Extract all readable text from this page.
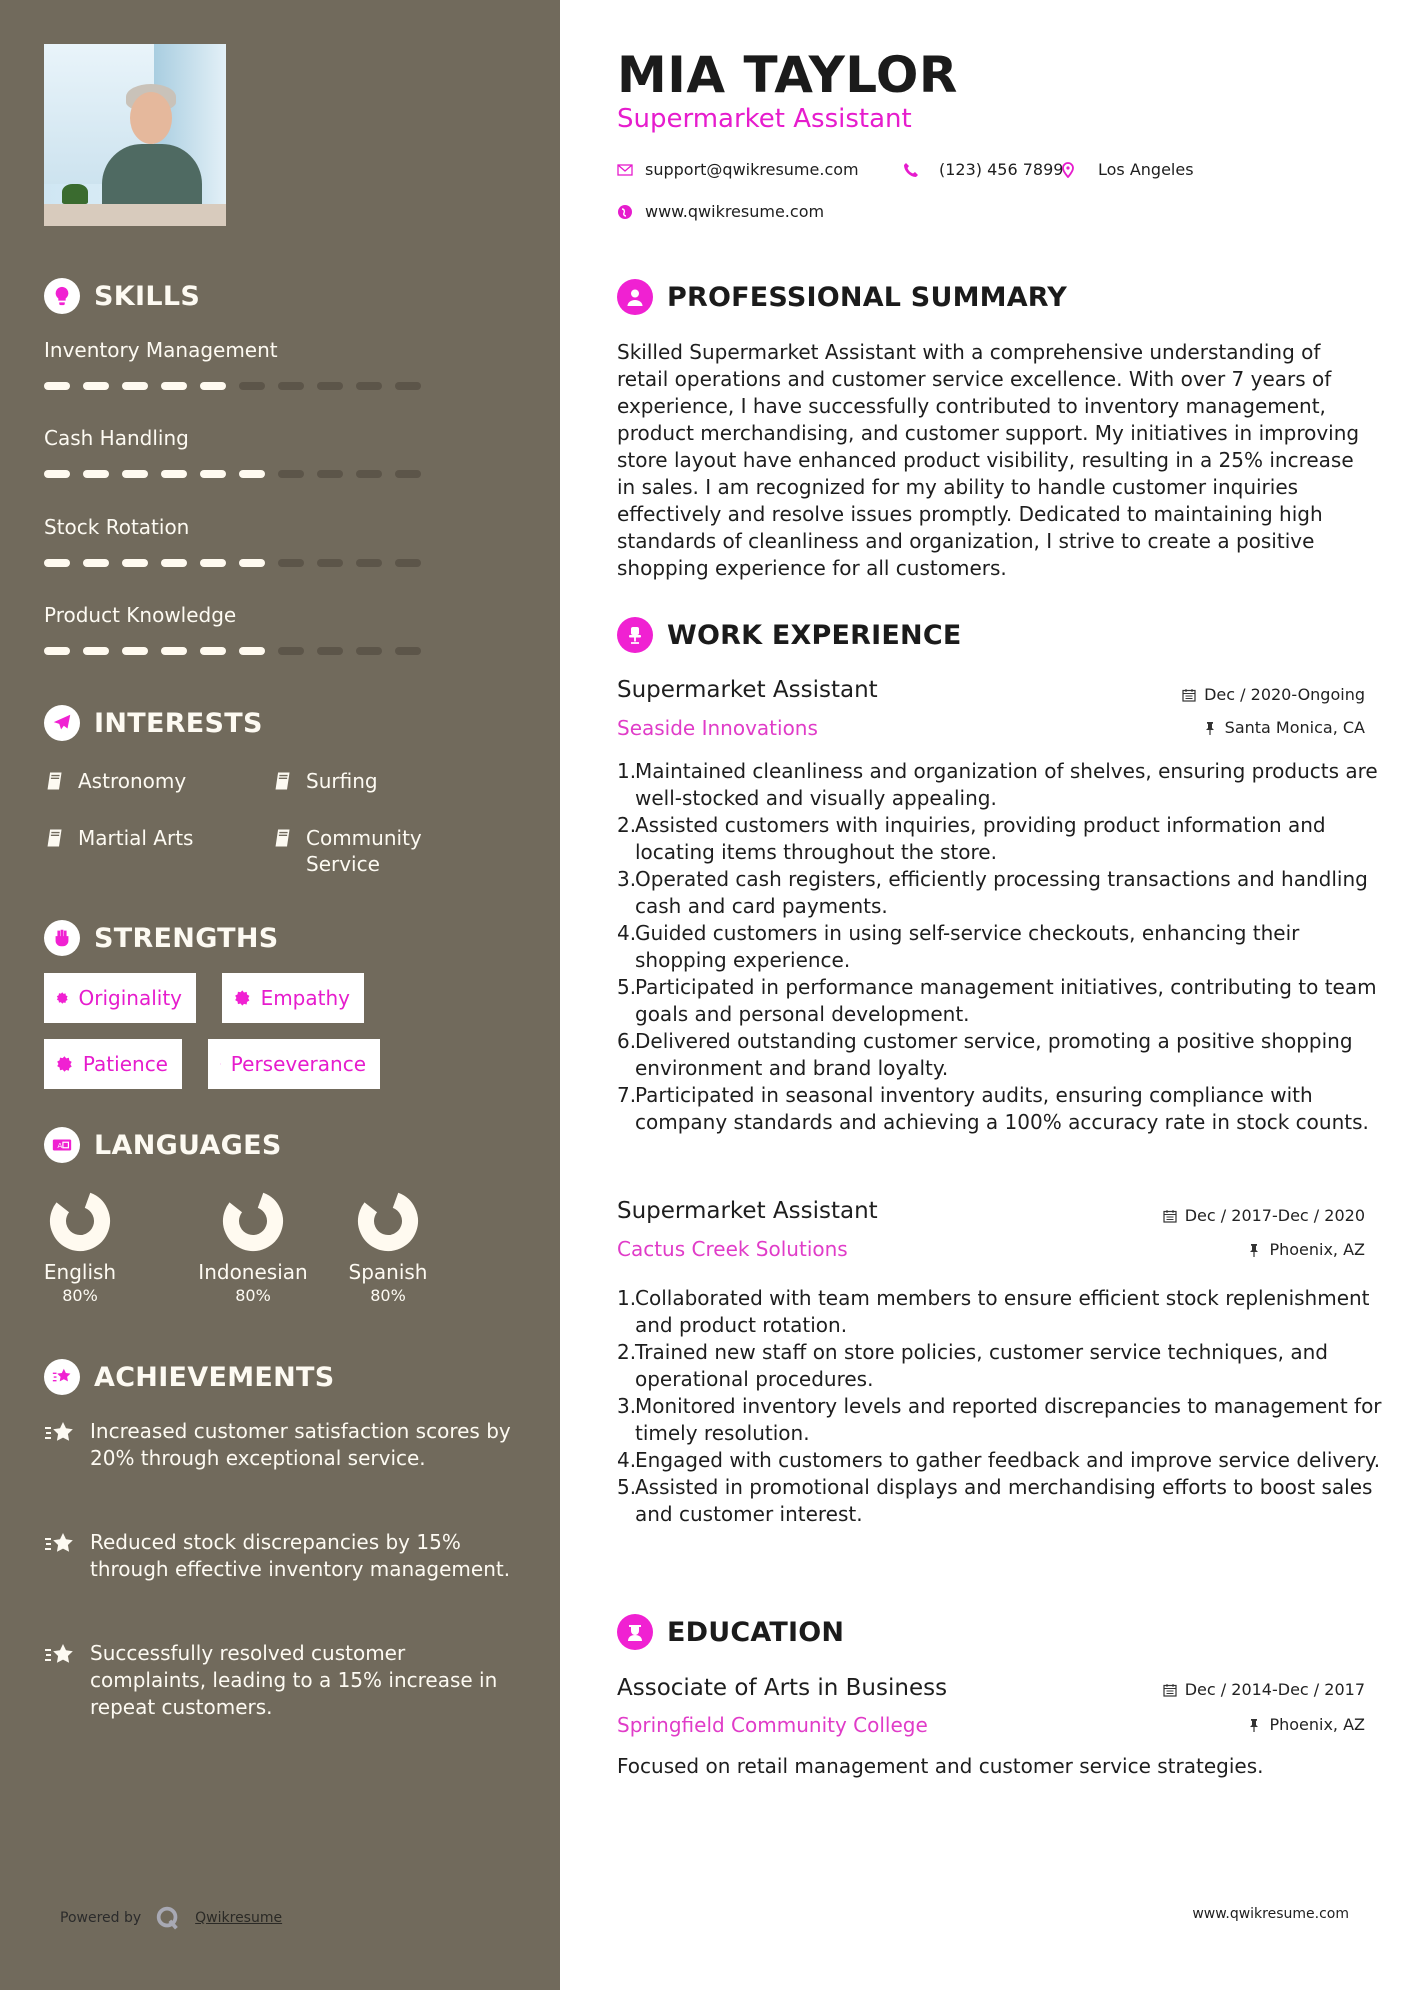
SKILLS
Inventory Management
Cash Handling
Stock Rotation
Product Knowledge
INTERESTS
Astronomy	Surfing
Martial Arts	Community Service
STRENGTHS
Originality	Empathy
Patience	Perseverance
A LANGUAGES
English
80%
Indonesian
80%
Spanish
80%
ACHIEVEMENTS
Increased customer satisfaction scores by 20% through exceptional service.
Reduced stock discrepancies by 15% through effective inventory management.
Successfully resolved customer complaints, leading to a 15% increase in repeat customers.
Powered by	Qwikresume
MIA TAYLOR
Supermarket Assistant
support@qwikresume.com	(123) 456 7899 Los Angeles
www.qwikresume.com
PROFESSIONAL SUMMARY

Skilled Supermarket Assistant with a comprehensive understanding of retail operations and customer service excellence. With over 7 years of experience, I have successfully contributed to inventory management, product merchandising, and customer support. My initiatives in improving store layout have enhanced product visibility, resulting in a 25% increase in sales. I am recognized for my ability to handle customer inquiries effectively and resolve issues promptly. Dedicated to maintaining high standards of cleanliness and organization, I strive to create a positive shopping experience for all customers.

WORK EXPERIENCE
Supermarket Assistant	Dec / 2020-Ongoing
Seaside Innovations	Santa Monica, CA
1.
Maintained cleanliness and organization of shelves, ensuring products are well-stocked and visually appealing.
2.
Assisted customers with inquiries, providing product information and locating items throughout the store.
3.
Operated cash registers, efficiently processing transactions and handling cash and card payments.
4.
Guided customers in using self-service checkouts, enhancing their shopping experience.
5.
Participated in performance management initiatives, contributing to team goals and personal development.
6.
Delivered outstanding customer service, promoting a positive shopping environment and brand loyalty.
7.
Participated in seasonal inventory audits, ensuring compliance with company standards and achieving a 100% accuracy rate in stock counts.
Supermarket Assistant	Dec / 2017-Dec / 2020
Cactus Creek Solutions	Phoenix, AZ
1.
Collaborated with team members to ensure efficient stock replenishment and product rotation.
2.
Trained new staff on store policies, customer service techniques, and operational procedures.
3.
Monitored inventory levels and reported discrepancies to management for timely resolution.
4.
Engaged with customers to gather feedback and improve service delivery.
5.
Assisted in promotional displays and merchandising efforts to boost sales and customer interest.
EDUCATION
Associate of Arts in Business	Dec / 2014-Dec / 2017
Springfield Community College	Phoenix, AZ

Focused on retail management and customer service strategies.

www.qwikresume.com
